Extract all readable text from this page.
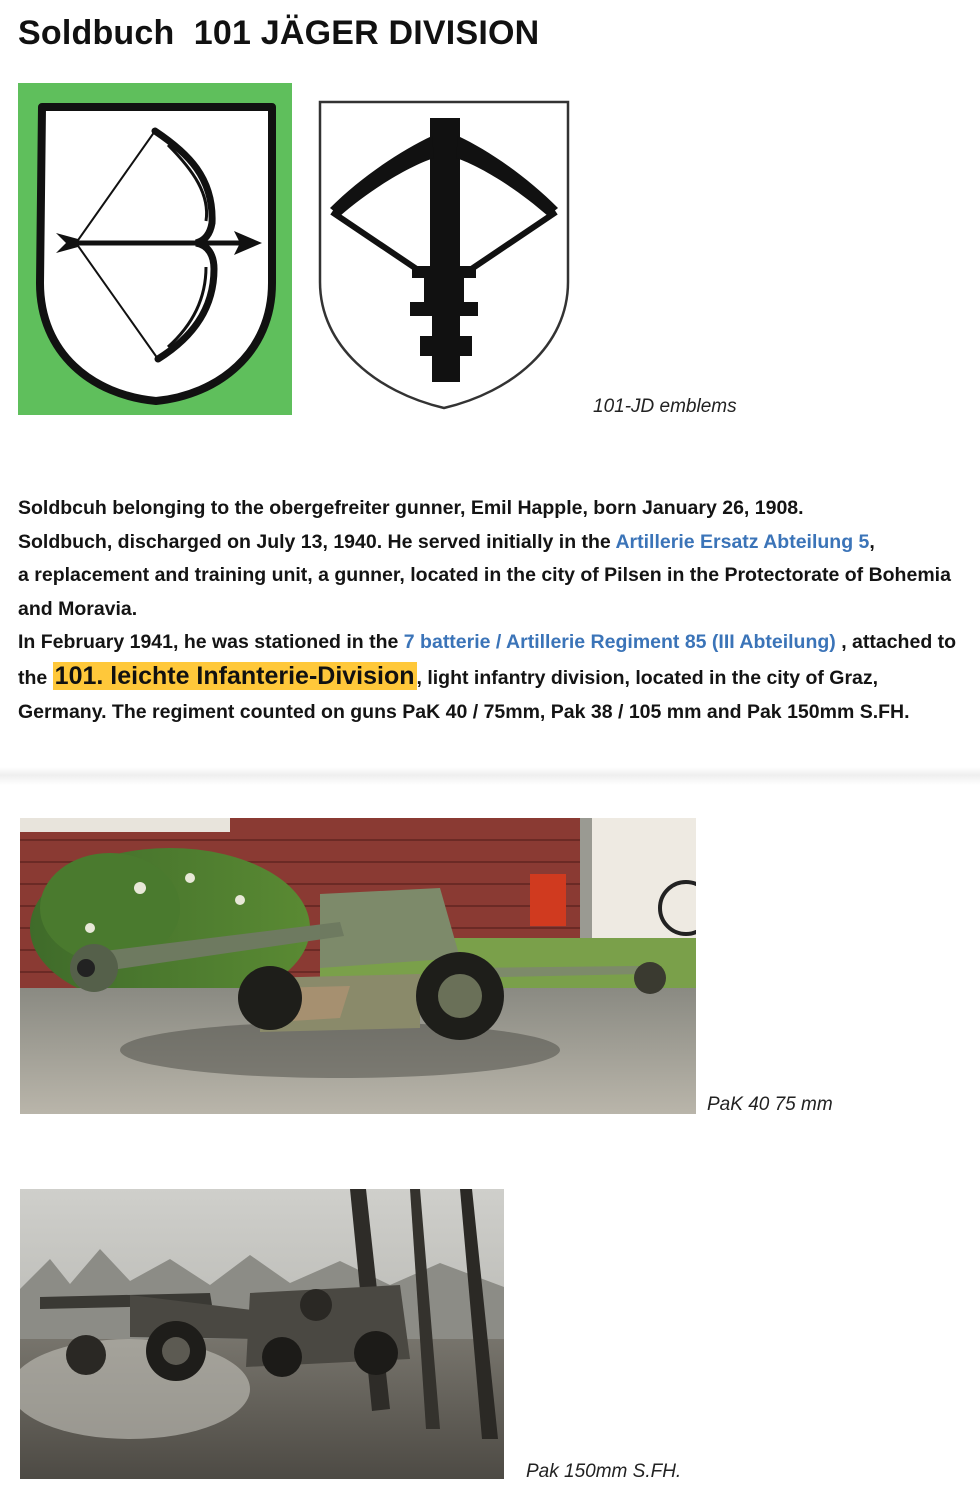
Soldbuch  101 JÄGER DIVISION
101-JD emblems

Soldbcuh belonging to the obergefreiter gunner, Emil Happle, born January 26, 1908.
Soldbuch, discharged on July 13, 1940. He served initially in the Artillerie Ersatz Abteilung 5,
a replacement and training unit, a gunner, located in the city of Pilsen in the Protectorate of Bohemia and Moravia.

In February 1941, he was stationed in the 7 batterie / Artillerie Regiment 85 (III Abteilung) , attached to the 101. leichte Infanterie-Division , light infantry division, located in the city of Graz, Germany. The regiment counted on guns PaK 40 / 75mm, Pak 38 / 105 mm and Pak 150mm S.FH.

PaK 40 75 mm
Pak 150mm S.FH.
